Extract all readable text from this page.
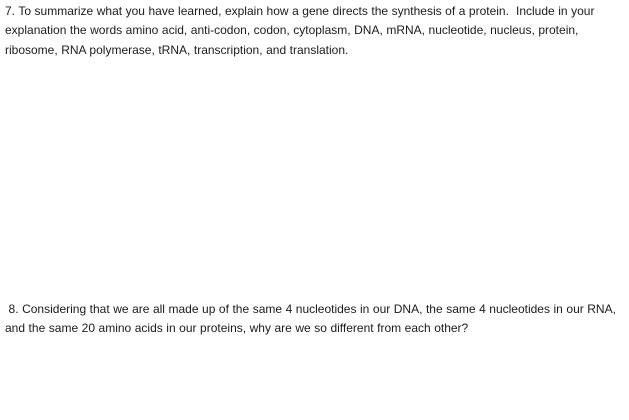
7. To summarize what you have learned, explain how a gene directs the synthesis of a protein.  Include in your explanation the words amino acid, anti-codon, codon, cytoplasm, DNA, mRNA, nucleotide, nucleus, protein, ribosome, RNA polymerase, tRNA, transcription, and translation.

8. Considering that we are all made up of the same 4 nucleotides in our DNA, the same 4 nucleotides in our RNA, and the same 20 amino acids in our proteins, why are we so different from each other?
